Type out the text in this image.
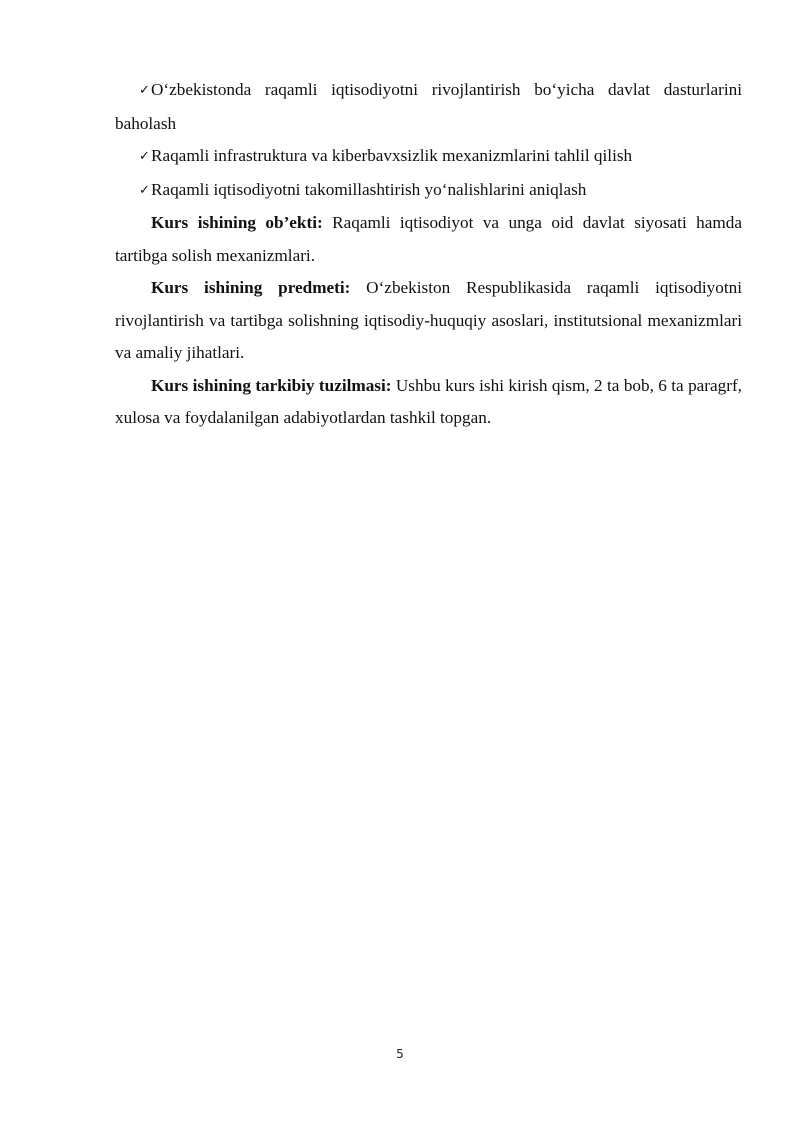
✓O‘zbekistonda raqamli iqtisodiyotni rivojlantirish bo‘yicha davlat dasturlarini baholash

✓Raqamli infrastruktura va kiberbavxsizlik mexanizmlarini tahlil qilish

✓Raqamli iqtisodiyotni takomillashtirish yo‘nalishlarini aniqlash

Kurs ishining ob’ekti: Raqamli iqtisodiyot va unga oid davlat siyosati hamda tartibga solish mexanizmlari.

Kurs ishining predmeti: O‘zbekiston Respublikasida raqamli iqtisodiyotni rivojlantirish va tartibga solishning iqtisodiy-huquqiy asoslari, institutsional mexanizmlari va amaliy jihatlari.

Kurs ishining tarkibiy tuzilmasi: Ushbu kurs ishi kirish qism, 2 ta bob, 6 ta paragrf, xulosa va foydalanilgan adabiyotlardan tashkil topgan.

5
